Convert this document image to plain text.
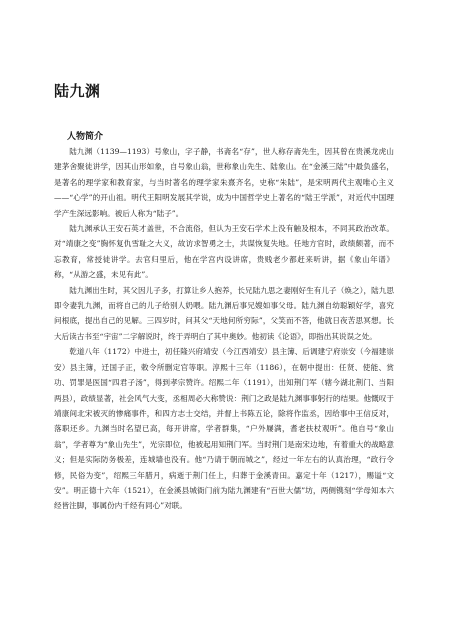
陆九渊
人物简介

陆九渊（1139—1193）号象山，字子静，书斋名“存”，世人称存斋先生，因其曾在贵溪龙虎山建茅舍聚徒讲学，因其山形如象，自号象山翁，世称象山先生、陆象山。在“金溪三陆”中最负盛名，是著名的理学家和教育家，与当时著名的理学家朱熹齐名，史称“朱陆”，是宋明两代主观唯心主义——“心学”的开山祖。明代王阳明发展其学说，成为中国哲学史上著名的“陆王学派”，对近代中国理学产生深远影响。被后人称为“陆子”。

陆九渊承认王安石英才盖世，不合流俗，但认为王安石学术上没有触及根本，不同其政治改革。对“靖康之变”胸怀复仇雪耻之大义，故访求智勇之士，共谋恢复失地。任地方官时，政绩颇著，而不忘教育，常授徒讲学。去官归里后，他在学宫内设讲席，贵贱老少都赶来听讲，据《象山年谱》称，“从游之盛，未见有此”。

陆九渊出生时，其父因儿子多，打算让乡人抱养，长兄陆九思之妻刚好生有儿子（焕之），陆九思即令妻乳九渊，而将自己的儿子给别人奶喂。陆九渊后事兄嫂如事父母。陆九渊自幼聪颖好学，喜究问根底，提出自己的见解。三四岁时，问其父“天地何所穷际”，父笑而不答，他就日夜苦思冥想。长大后读古书至“宇宙”二字解说时，终于弄明白了其中奥妙。他初读《论语》，即指出其说误之处。

乾道八年（1172）中进士，初任隆兴府靖安（今江西靖安）县主簿、后调建宁府崇安（今福建崇安）县主簿，迁国子正，敕令所删定官等职。淳熙十三年（1186），在朝中提出：任贤、使能、赏功、罚罪是医国“四君子汤”，得到孝宗赞许。绍熙二年（1191），出知荆门军（辖今湖北荆门、当阳两县），政绩显著，社会风气大变，丞相周必大称赞说：荆门之政是陆九渊事事躬行的结果。他慨叹于靖康间北宋被灭的惨痛事件，和四方志士交结，并督上书陈五论，除将作监丞，因给事中王信反对，落职还乡。九渊当时名望已高，每开讲席，学者群集，“户外屦满，耆老扶杖观听”。他自号“象山翁”，学者尊为“象山先生”，光宗即位，他被起用知荆门军。当时荆门是南宋边地，有着重大的战略意义；但是实际防务极差，连城墙也没有。他“乃请于朝而城之”，经过一年左右的认真治理，“政行令修，民俗为变”，绍熙三年腊月，病逝于荆门任上，归葬于金溪青田。嘉定十年（1217），赐谥“文安”。明正德十六年（1521），在金溪县城衙门前为陆九渊建有“百世大儒”坊，两侧镌刻“学母知本六经皆注脚，事属份内千经有同心”对联。
